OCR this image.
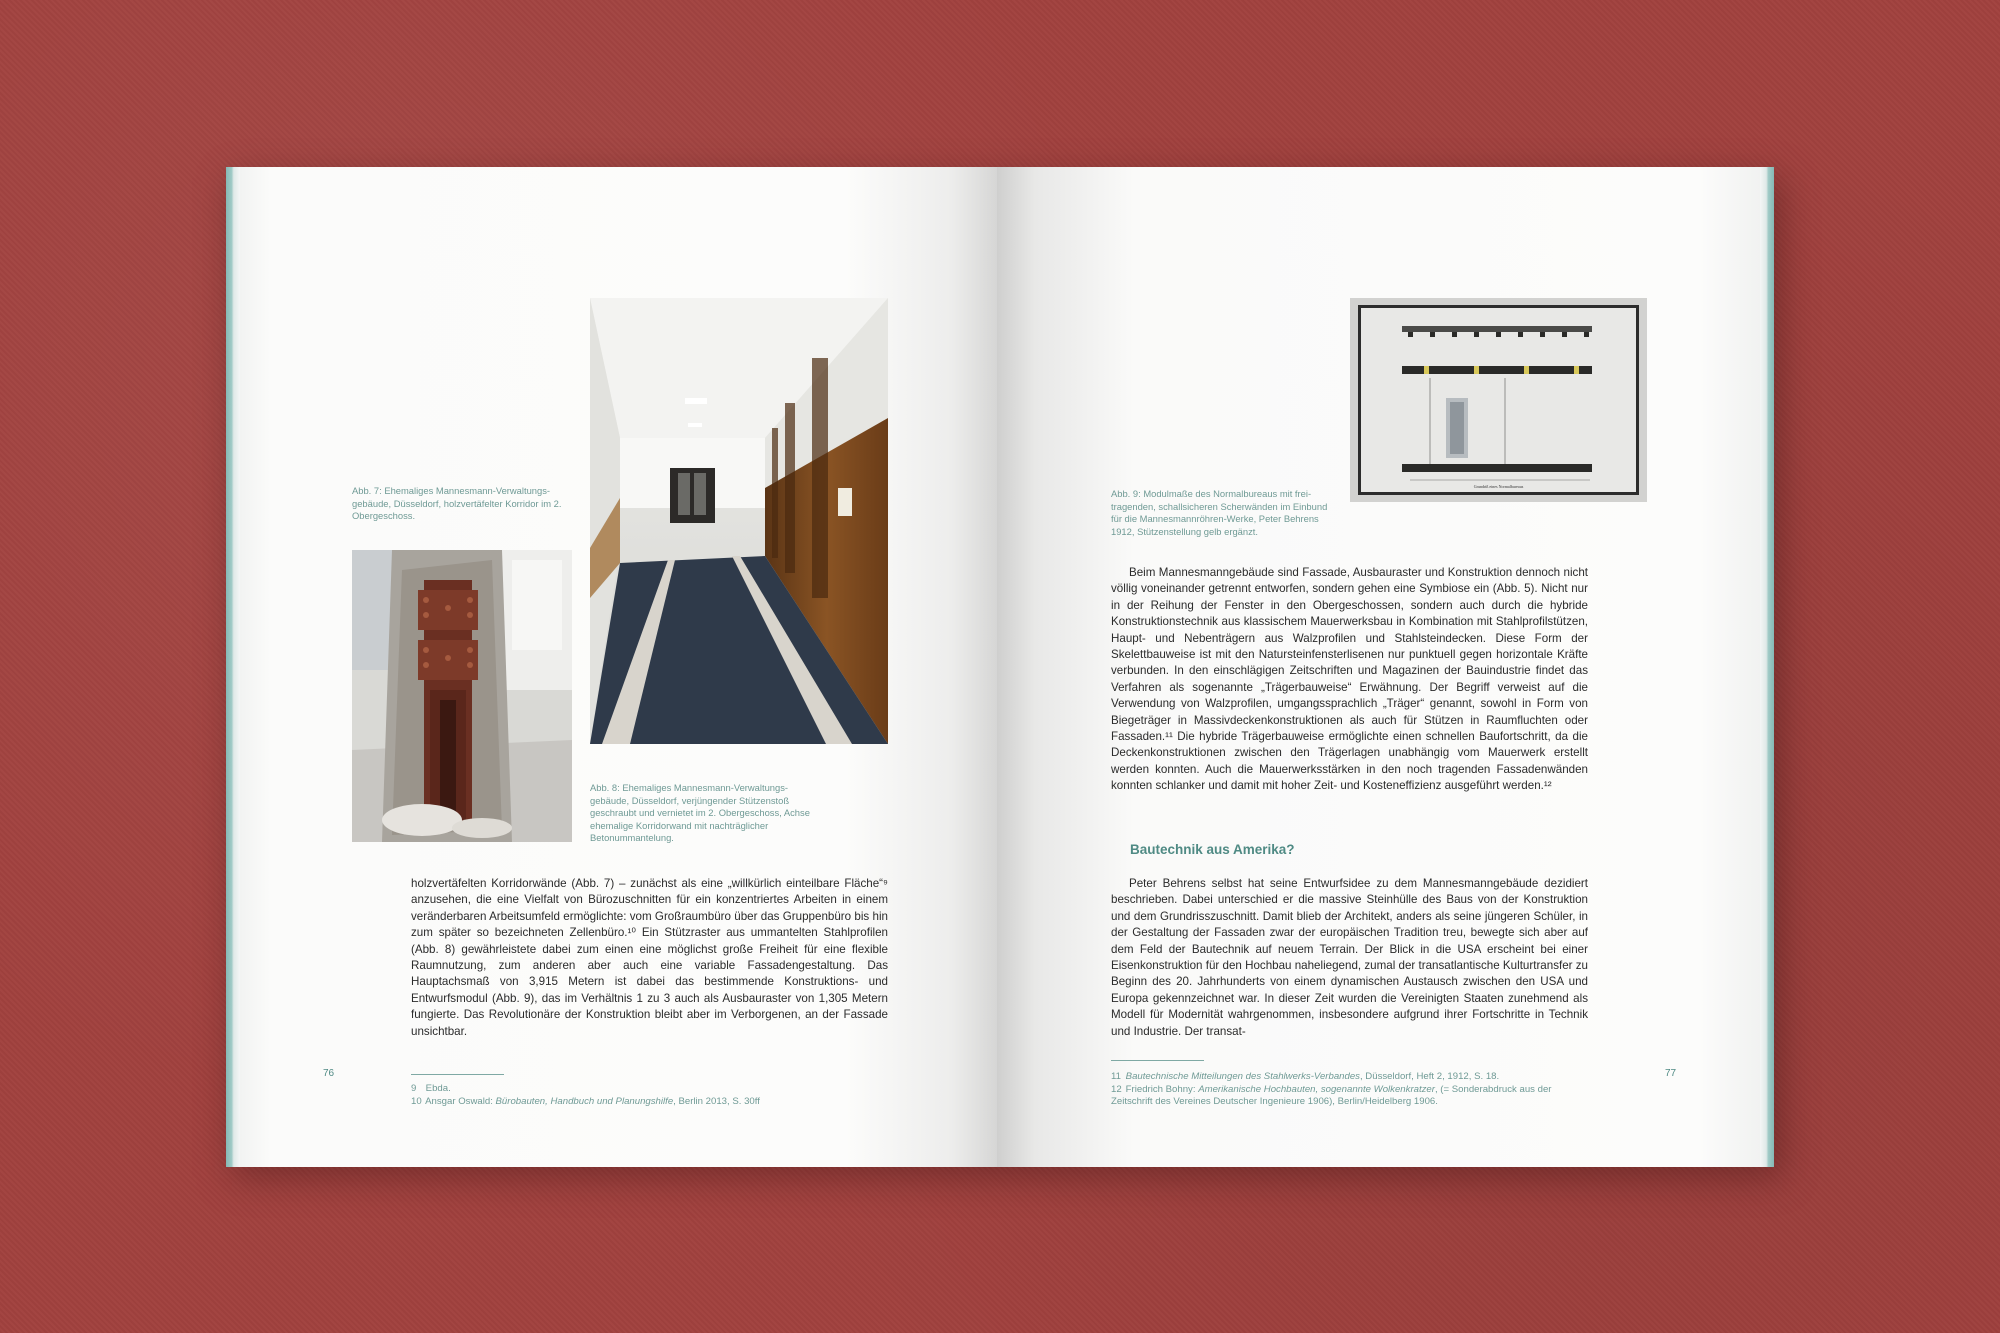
Abb. 7: Ehemaliges Mannesmann-Verwaltungs-gebäude, Düsseldorf, holzvertäfelter Korridor im 2. Obergeschoss.
Abb. 8: Ehemaliges Mannesmann-Verwaltungs-gebäude, Düsseldorf, verjüngender Stützenstoß geschraubt und vernietet im 2. Obergeschoss, Achse ehemalige Korridorwand mit nachträglicher Betonummantelung.

holzvertäfelten Korridorwände (Abb. 7) – zunächst als eine „willkürlich einteilbare Fläche“⁹ anzusehen, die eine Vielfalt von Bürozuschnitten für ein konzentriertes Arbeiten in einem veränderbaren Arbeitsumfeld ermöglichte: vom Großraumbüro über das Gruppenbüro bis hin zum später so bezeichneten Zellenbüro.¹⁰ Ein Stützraster aus ummantelten Stahlprofilen (Abb. 8) gewährleistete dabei zum einen eine möglichst große Freiheit für eine flexible Raumnutzung, zum anderen aber auch eine variable Fassadengestaltung. Das Hauptachsmaß von 3,915 Metern ist dabei das bestimmende Konstruktions- und Entwurfsmodul (Abb. 9), das im Verhältnis 1 zu 3 auch als Ausbauraster von 1,305 Metern fungierte. Das Revolutionäre der Konstruktion bleibt aber im Verborgenen, an der Fassade unsichtbar.

76
9 Ebda.
10 Ansgar Oswald: Bürobauten, Handbuch und Planungshilfe, Berlin 2013, S. 30ff
Grundriß eines Normalbureaus
Abb. 9: Modulmaße des Normalbureaus mit frei-tragenden, schallsicheren Scherwänden im Einbund für die Mannesmannröhren-Werke, Peter Behrens 1912, Stützenstellung gelb ergänzt.

Beim Mannesmanngebäude sind Fassade, Ausbauraster und Konstruktion dennoch nicht völlig voneinander getrennt entworfen, sondern gehen eine Symbiose ein (Abb. 5). Nicht nur in der Reihung der Fenster in den Obergeschossen, sondern auch durch die hybride Konstruktionstechnik aus klassischem Mauerwerksbau in Kombination mit Stahlprofilstützen, Haupt- und Nebenträgern aus Walzprofilen und Stahlsteindecken. Diese Form der Skelettbauweise ist mit den Natursteinfensterlisenen nur punktuell gegen horizontale Kräfte verbunden. In den einschlägigen Zeitschriften und Magazinen der Bauindustrie findet das Verfahren als sogenannte „Trägerbauweise“ Erwähnung. Der Begriff verweist auf die Verwendung von Walzprofilen, umgangssprachlich „Träger“ genannt, sowohl in Form von Biegeträger in Massivdeckenkonstruktionen als auch für Stützen in Raumfluchten oder Fassaden.¹¹ Die hybride Trägerbauweise ermöglichte einen schnellen Baufortschritt, da die Deckenkonstruktionen zwischen den Trägerlagen unabhängig vom Mauerwerk erstellt werden konnten. Auch die Mauerwerksstärken in den noch tragenden Fassadenwänden konnten schlanker und damit mit hoher Zeit- und Kosteneffizienz ausgeführt werden.¹²

Bautechnik aus Amerika?

Peter Behrens selbst hat seine Entwurfsidee zu dem Mannesmanngebäude dezidiert beschrieben. Dabei unterschied er die massive Steinhülle des Baus von der Konstruktion und dem Grundrisszuschnitt. Damit blieb der Architekt, anders als seine jüngeren Schüler, in der Gestaltung der Fassaden zwar der europäischen Tradition treu, bewegte sich aber auf dem Feld der Bautechnik auf neuem Terrain. Der Blick in die USA erscheint bei einer Eisenkonstruktion für den Hochbau naheliegend, zumal der transatlantische Kulturtransfer zu Beginn des 20. Jahrhunderts von einem dynamischen Austausch zwischen den USA und Europa gekennzeichnet war. In dieser Zeit wurden die Vereinigten Staaten zunehmend als Modell für Modernität wahrgenommen, insbesondere aufgrund ihrer Fortschritte in Technik und Industrie. Der transat-

11 Bautechnische Mitteilungen des Stahlwerks-Verbandes, Düsseldorf, Heft 2, 1912, S. 18.
12 Friedrich Bohny: Amerikanische Hochbauten, sogenannte Wolkenkratzer, (= Sonderabdruck aus der
Zeitschrift des Vereines Deutscher Ingenieure 1906), Berlin/Heidelberg 1906.
77
